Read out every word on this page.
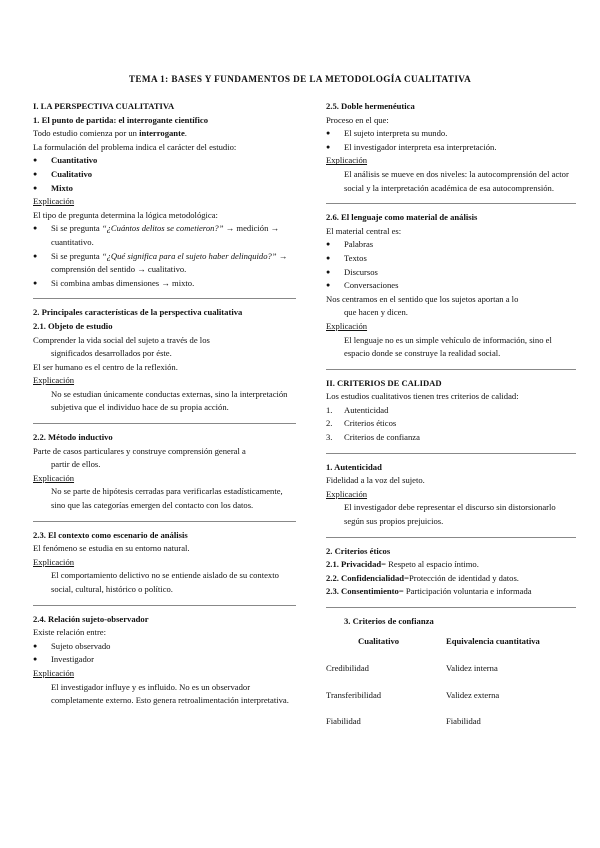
TEMA 1: BASES Y FUNDAMENTOS DE LA METODOLOGÍA CUALITATIVA
I. LA PERSPECTIVA CUALITATIVA
1. El punto de partida: el interrogante científico
Todo estudio comienza por un interrogante.
La formulación del problema indica el carácter del estudio:
● Cuantitativo
● Cualitativo
● Mixto
Explicación
El tipo de pregunta determina la lógica metodológica:
● Si se pregunta “¿Cuántos delitos se cometieron?” → medición → cuantitativo.
● Si se pregunta “¿Qué significa para el sujeto haber delinquido?” → comprensión del sentido → cualitativo.
● Si combina ambas dimensiones → mixto.
2. Principales características de la perspectiva cualitativa
2.1. Objeto de estudio
Comprender la vida social del sujeto a través de los
significados desarrollados por éste.
El ser humano es el centro de la reflexión.
Explicación
No se estudian únicamente conductas externas, sino la interpretación subjetiva que el individuo hace de su propia acción.
2.2. Método inductivo
Parte de casos particulares y construye comprensión general a
partir de ellos.
Explicación
No se parte de hipótesis cerradas para verificarlas estadísticamente, sino que las categorías emergen del contacto con los datos.
2.3. El contexto como escenario de análisis
El fenómeno se estudia en su entorno natural.
Explicación
El comportamiento delictivo no se entiende aislado de su contexto social, cultural, histórico o político.
2.4. Relación sujeto-observador
Existe relación entre:
● Sujeto observado
● Investigador
Explicación
El investigador influye y es influido. No es un observador completamente externo. Esto genera retroalimentación interpretativa.
2.5. Doble hermenéutica
Proceso en el que:
● El sujeto interpreta su mundo.
● El investigador interpreta esa interpretación.
Explicación
El análisis se mueve en dos niveles: la autocomprensión del actor social y la interpretación académica de esa autocomprensión.
2.6. El lenguaje como material de análisis
El material central es:
● Palabras
● Textos
● Discursos
● Conversaciones
Nos centramos en el sentido que los sujetos aportan a lo
que hacen y dicen.
Explicación
El lenguaje no es un simple vehículo de información, sino el espacio donde se construye la realidad social.
II. CRITERIOS DE CALIDAD
Los estudios cualitativos tienen tres criterios de calidad:
1. Autenticidad
2. Criterios éticos
3. Criterios de confianza
1. Autenticidad
Fidelidad a la voz del sujeto.
Explicación
El investigador debe representar el discurso sin distorsionarlo según sus propios prejuicios.
2. Criterios éticos
2.1. Privacidad= Respeto al espacio íntimo.
2.2. Confidencialidad=Protección de identidad y datos.
2.3. Consentimiento= Participación voluntaria e informada
3. Criterios de confianza
Cualitativo	Equivalencia cuantitativa
Credibilidad	Validez interna
Transferibilidad	Validez externa
Fiabilidad	Fiabilidad
